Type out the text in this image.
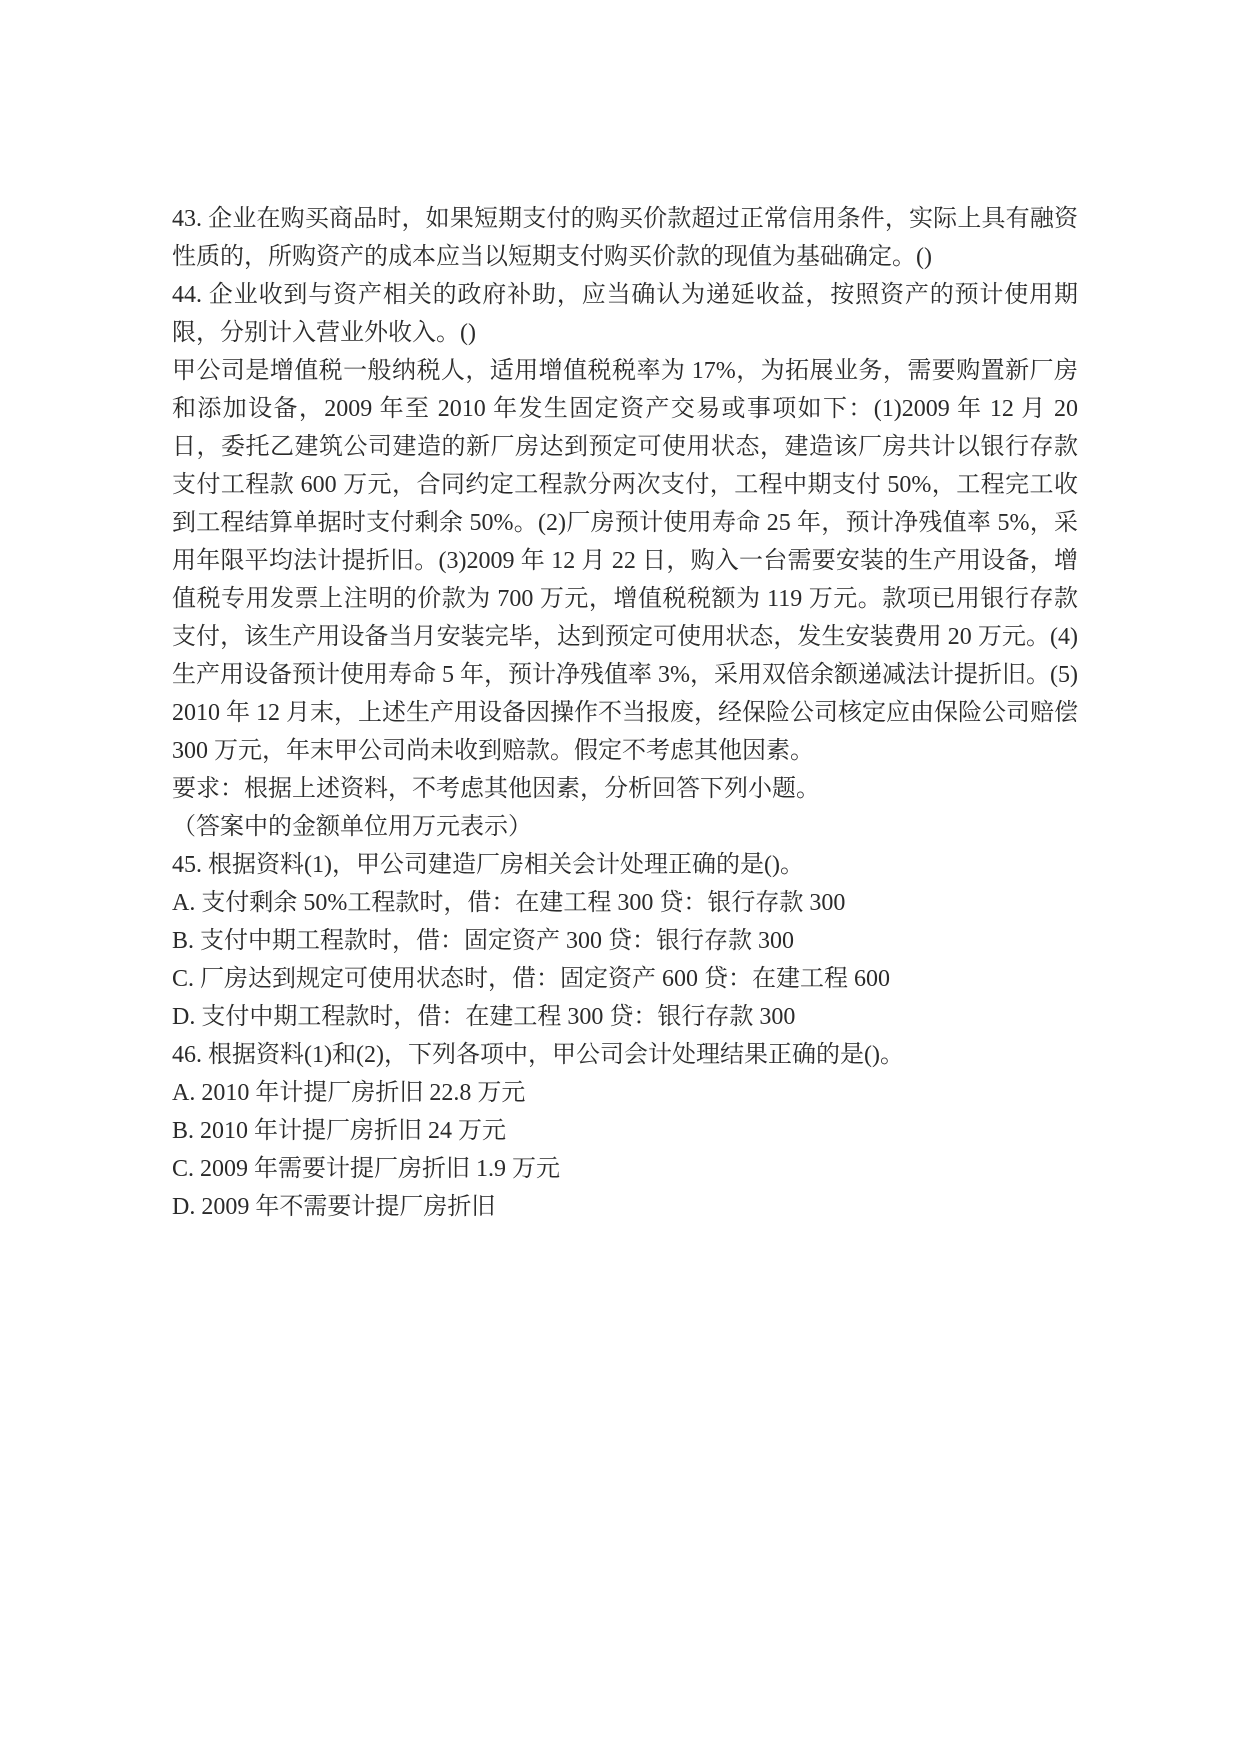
43. 企业在购买商品时，如果短期支付的购买价款超过正常信用条件，实际上具有融资性质的，所购资产的成本应当以短期支付购买价款的现值为基础确定。()

44. 企业收到与资产相关的政府补助，应当确认为递延收益，按照资产的预计使用期限，分别计入营业外收入。()

甲公司是增值税一般纳税人，适用增值税税率为 17%，为拓展业务，需要购置新厂房和添加设备，2009 年至 2010 年发生固定资产交易或事项如下：(1)2009 年 12 月 20 日，委托乙建筑公司建造的新厂房达到预定可使用状态，建造该厂房共计以银行存款支付工程款 600 万元，合同约定工程款分两次支付，工程中期支付 50%，工程完工收到工程结算单据时支付剩余 50%。(2)厂房预计使用寿命 25 年，预计净残值率 5%，采用年限平均法计提折旧。(3)2009 年 12 月 22 日，购入一台需要安装的生产用设备，增值税专用发票上注明的价款为 700 万元，增值税税额为 119 万元。款项已用银行存款支付，该生产用设备当月安装完毕，达到预定可使用状态，发生安装费用 20 万元。(4)生产用设备预计使用寿命 5 年，预计净残值率 3%，采用双倍余额递减法计提折旧。(5)2010 年 12 月末，上述生产用设备因操作不当报废，经保险公司核定应由保险公司赔偿 300 万元，年末甲公司尚未收到赔款。假定不考虑其他因素。

要求：根据上述资料，不考虑其他因素，分析回答下列小题。

（答案中的金额单位用万元表示）

45. 根据资料(1)，甲公司建造厂房相关会计处理正确的是()。

A. 支付剩余 50%工程款时，借：在建工程 300 贷：银行存款 300

B. 支付中期工程款时，借：固定资产 300 贷：银行存款 300

C. 厂房达到规定可使用状态时，借：固定资产 600 贷：在建工程 600

D. 支付中期工程款时，借：在建工程 300 贷：银行存款 300

46. 根据资料(1)和(2)，下列各项中，甲公司会计处理结果正确的是()。

A. 2010 年计提厂房折旧 22.8 万元

B. 2010 年计提厂房折旧 24 万元

C. 2009 年需要计提厂房折旧 1.9 万元

D. 2009 年不需要计提厂房折旧
